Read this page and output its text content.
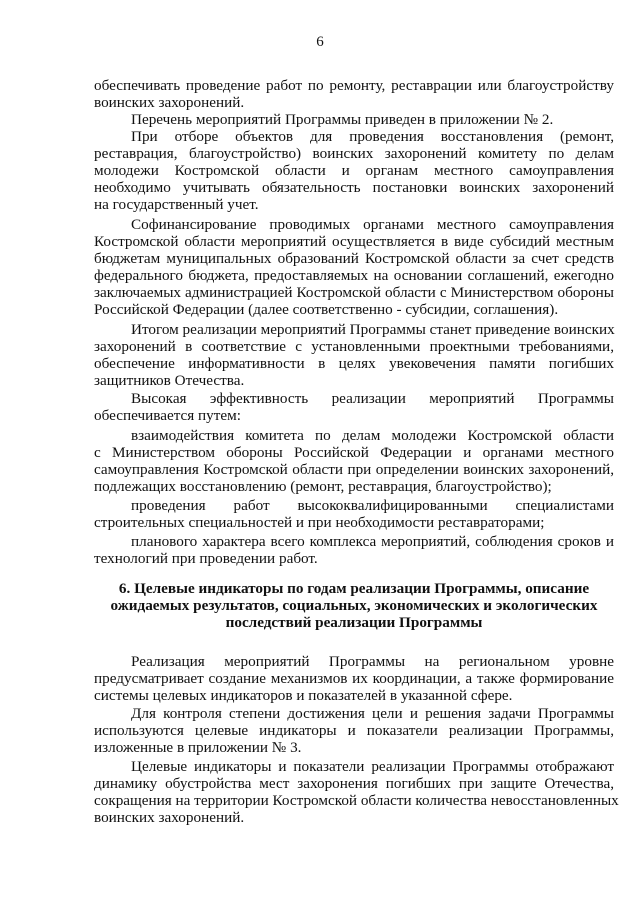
6
обеспечивать проведение работ по ремонту, реставрации или благоустройству
воинских захоронений.
Перечень мероприятий Программы приведен в приложении № 2.
При отборе объектов для проведения восстановления (ремонт,
реставрация, благоустройство) воинских захоронений комитету по делам
молодежи Костромской области и органам местного самоуправления
необходимо учитывать обязательность постановки воинских захоронений
на государственный учет.
Софинансирование проводимых органами местного самоуправления
Костромской области мероприятий осуществляется в виде субсидий местным
бюджетам муниципальных образований Костромской области за счет средств
федерального бюджета, предоставляемых на основании соглашений, ежегодно
заключаемых администрацией Костромской области с Министерством обороны
Российской Федерации (далее соответственно - субсидии, соглашения).
Итогом реализации мероприятий Программы станет приведение воинских
захоронений в соответствие с установленными проектными требованиями,
обеспечение информативности в целях увековечения памяти погибших
защитников Отечества.
Высокая эффективность реализации мероприятий Программы
обеспечивается путем:
взаимодействия комитета по делам молодежи Костромской области
с Министерством обороны Российской Федерации и органами местного
самоуправления Костромской области при определении воинских захоронений,
подлежащих восстановлению (ремонт, реставрация, благоустройство);
проведения работ высококвалифицированными специалистами
строительных специальностей и при необходимости реставраторами;
планового характера всего комплекса мероприятий, соблюдения сроков и
технологий при проведении работ.
6. Целевые индикаторы по годам реализации Программы, описание
ожидаемых результатов, социальных, экономических и экологических
последствий реализации Программы
Реализация мероприятий Программы на региональном уровне
предусматривает создание механизмов их координации, а также формирование
системы целевых индикаторов и показателей в указанной сфере.
Для контроля степени достижения цели и решения задачи Программы
используются целевые индикаторы и показатели реализации Программы,
изложенные в приложении № 3.
Целевые индикаторы и показатели реализации Программы отображают
динамику обустройства мест захоронения погибших при защите Отечества,
сокращения на территории Костромской области количества невосстановленных
воинских захоронений.
